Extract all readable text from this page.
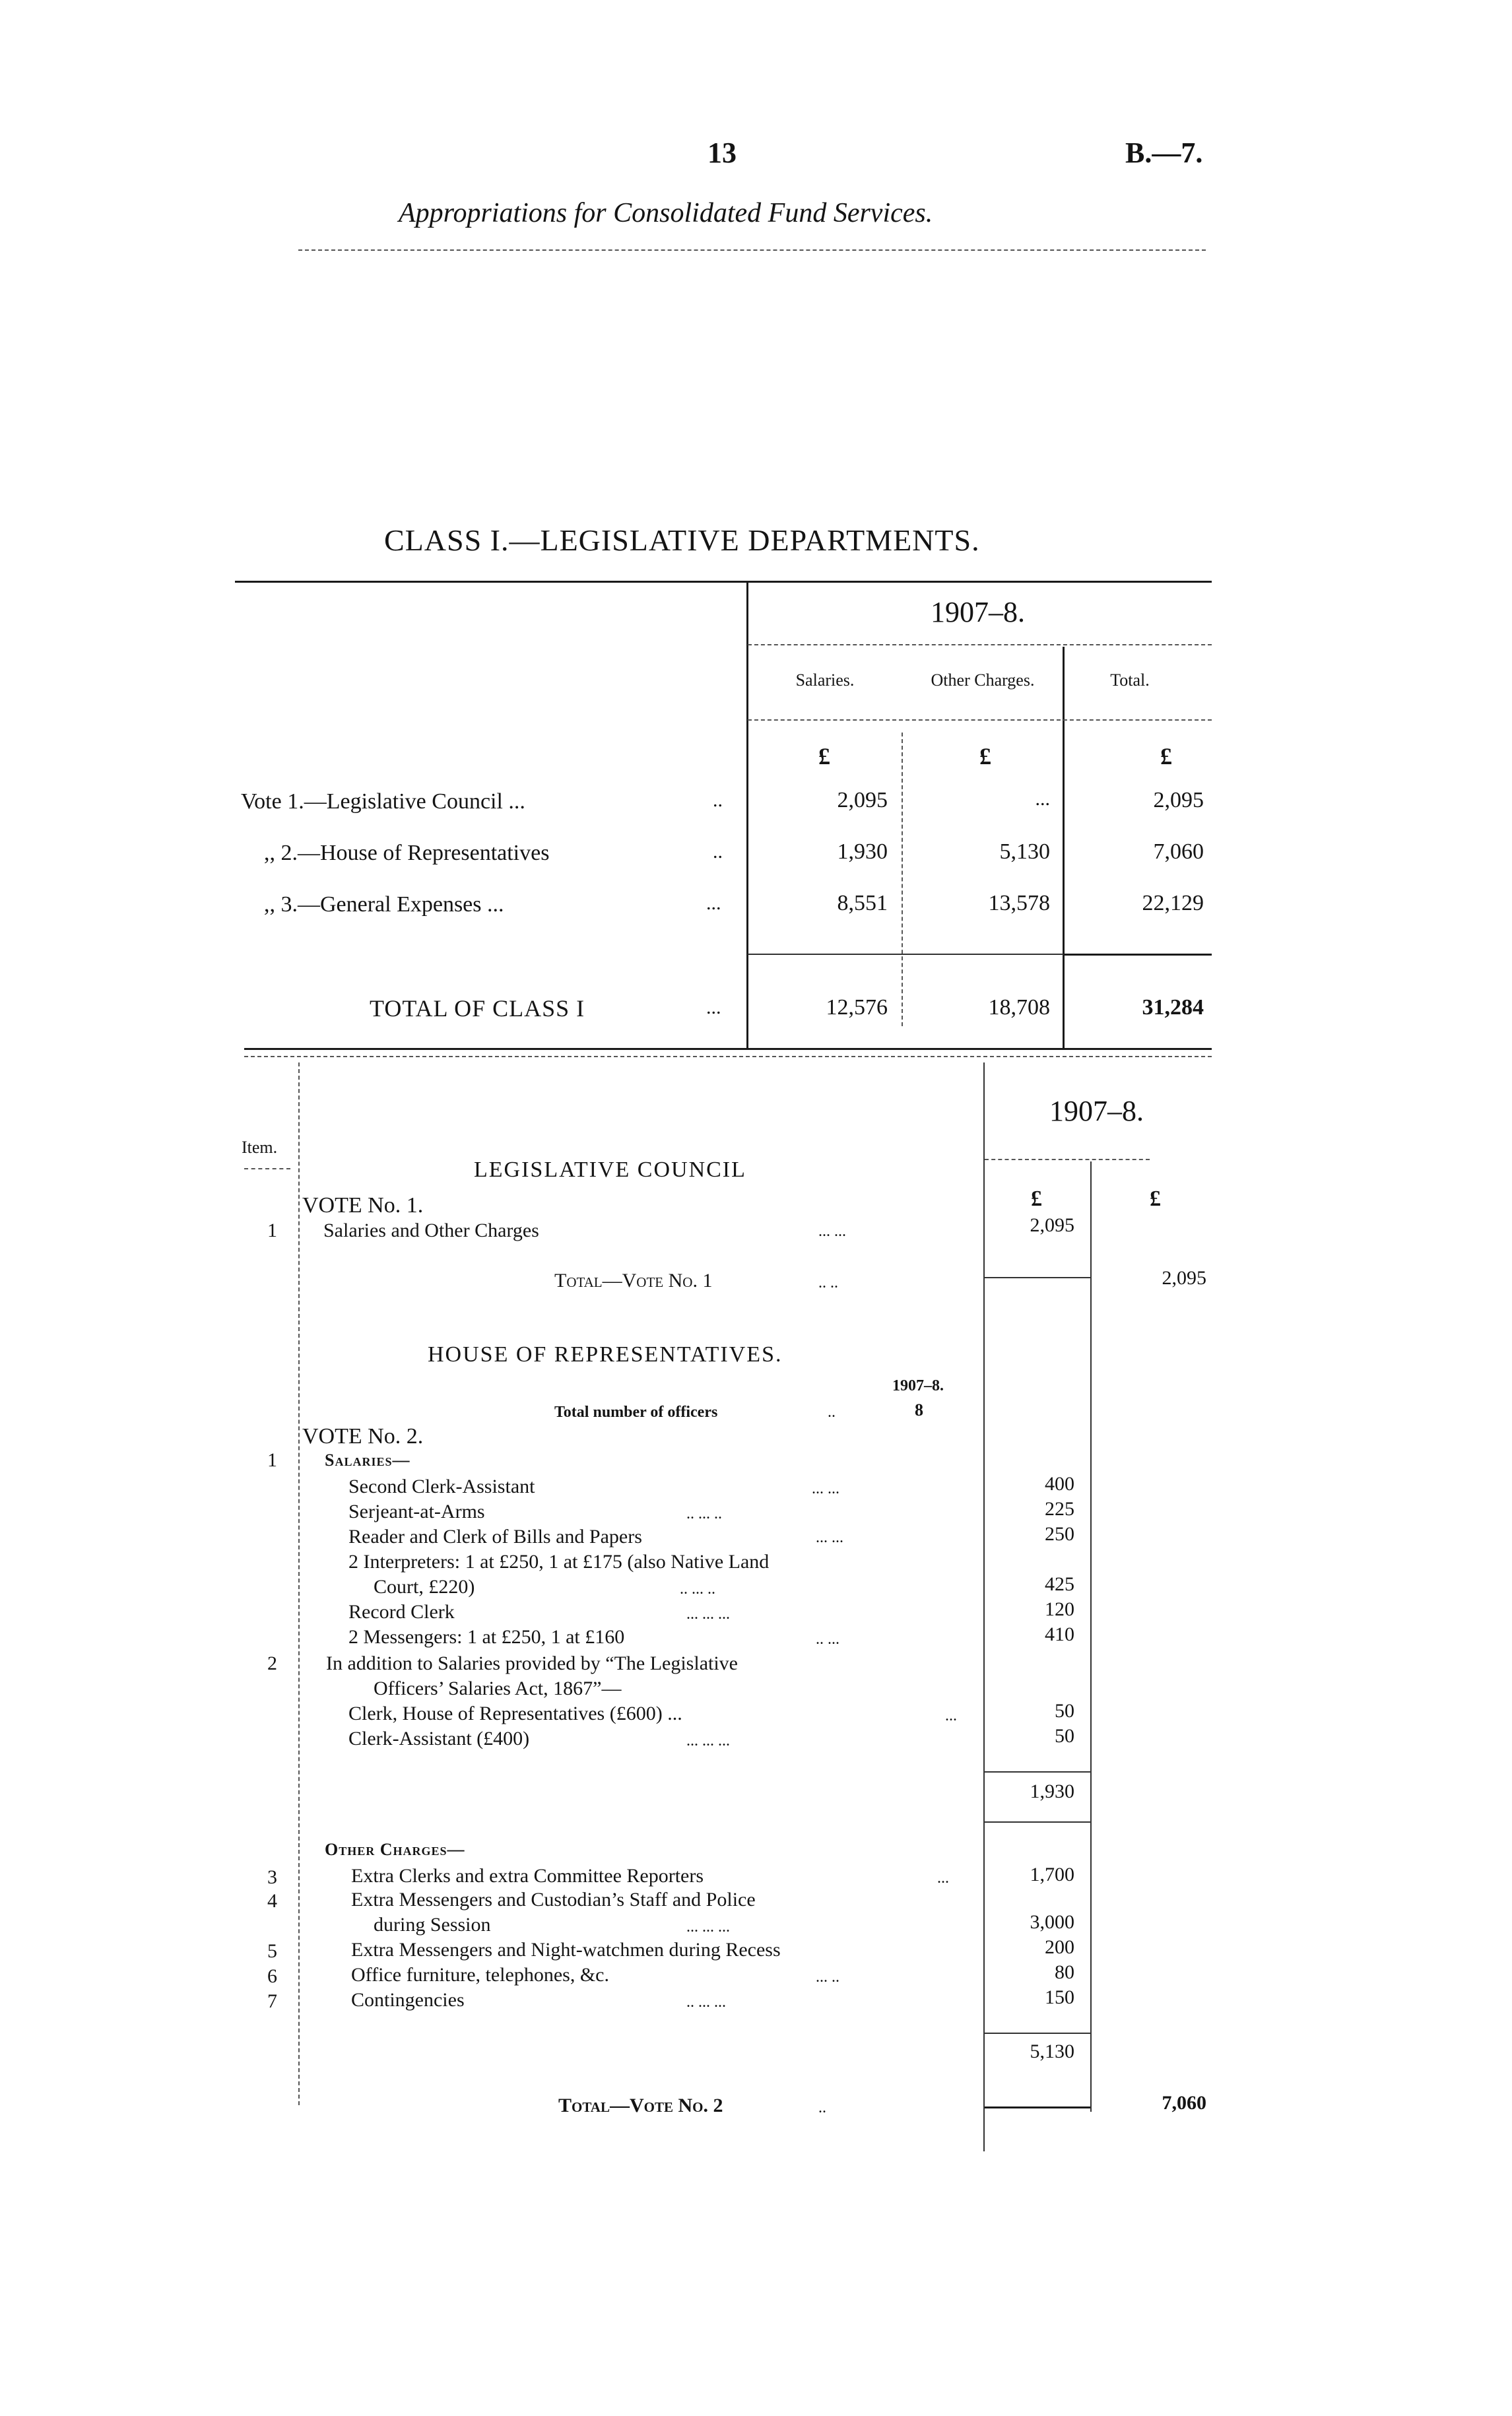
13	B.—7.
Appropriations for Consolidated Fund Services.
CLASS I.—LEGISLATIVE DEPARTMENTS.
1907–8.
Salaries.	Other Charges.	Total.
£	£	£
Vote 1.—Legislative Council ...	..	2,095	...	2,095
,, 2.—House of Representatives	..	1,930	5,130	7,060
,, 3.—General Expenses ...	...	8,551	13,578	22,129
TOTAL OF CLASS I	...	12,576	18,708	31,284
1907–8.
Item.
LEGISLATIVE COUNCIL
£	£
VOTE No. 1.
1 Salaries and Other Charges	... ...	2,095
Total—Vote No. 1	.. ..	2,095
HOUSE OF REPRESENTATIVES.
1907–8.
Total number of officers	..	8
VOTE No. 2.
1	Salaries—
Second Clerk-Assistant	... ...	400
Serjeant-at-Arms	.. ... ..	225
Reader and Clerk of Bills and Papers	... ...	250
2 Interpreters: 1 at £250, 1 at £175 (also Native Land
Court, £220)	.. ... ..	425
Record Clerk	... ... ...	120
2 Messengers: 1 at £250, 1 at £160	.. ...	410
2 In addition to Salaries provided by “The Legislative
Officers’ Salaries Act, 1867”—
Clerk, House of Representatives (£600) ...	...	50
Clerk-Assistant (£400)	... ... ...	50
1,930
Other Charges—
3	Extra Clerks and extra Committee Reporters	...	1,700
4	Extra Messengers and Custodian’s Staff and Police
during Session	... ... ...	3,000
5	Extra Messengers and Night-watchmen during Recess	200
6	Office furniture, telephones, &c.	... ..	80
7	Contingencies	.. ... ...	150
5,130
Total—Vote No. 2	..	7,060
